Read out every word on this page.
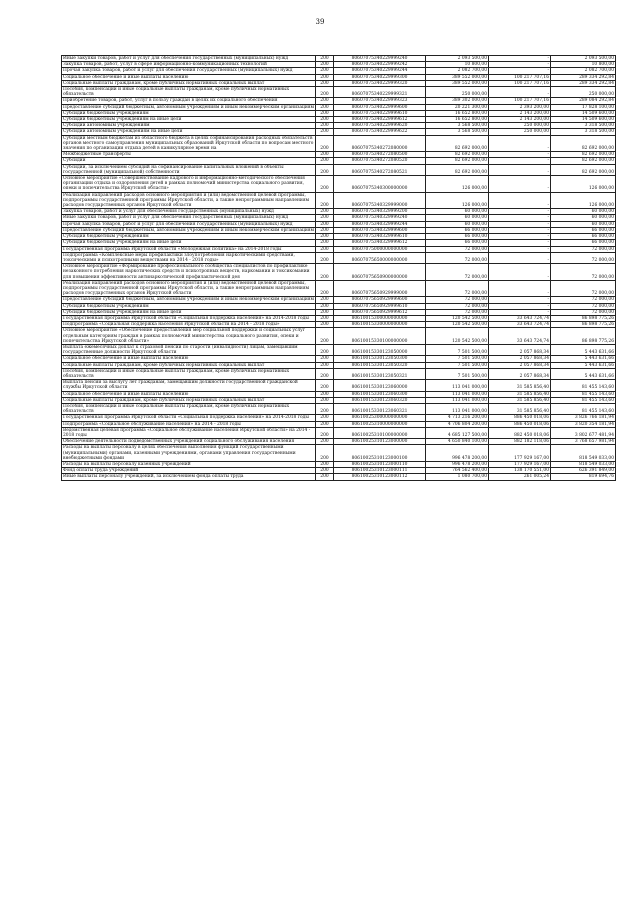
39
Иные закупки товаров, работ и услуг для обеспечения государственных (муниципальных) нужд	200	80607075340229999240	2 093 500,00	-	2 093 500,00
Закупка товаров, работ, услуг в сфере информационно-коммуникационных технологий	200	80607075340229999242	10 800,00	-	10 800,00
Прочая закупка товаров, работ и услуг для обеспечения государственных (муниципальных) нужд	200	80607075340229999244	2 082 700,00	-	2 082 700,00
Социальное обеспечение и иные выплаты населению	200	80607075340229999300	389 552 000,00	100 217 707,16	289 334 292,84
Социальные выплаты гражданам, кроме публичных нормативных социальных выплат	200	80607075340229999320	389 552 000,00	100 217 707,16	289 334 292,84
Пособия, компенсации и иные социальные выплаты гражданам, кроме публичных нормативных обязательств	200	80607075340229999321	250 000,00	-	250 000,00
Приобретение товаров, работ, услуг в пользу граждан в целях их социального обеспечения	200	80607075340229999323	389 302 000,00	100 217 707,16	289 084 292,84
Предоставление субсидий бюджетным, автономным учреждениям и иным некоммерческим организациям	200	80607075340229999600	20 221 300,00	2 393 200,00	17 828 100,00
Субсидии бюджетным учреждениям	200	80607075340229999610	16 652 800,00	2 143 200,00	14 509 600,00
Субсидии бюджетным учреждениям на иные цели	200	80607075340229999612	16 652 800,00	2 143 200,00	14 509 600,00
Субсидии автономным учреждениям	200	80607075340229999620	3 568 500,00	250 000,00	3 318 500,00
Субсидии автономным учреждениям на иные цели	200	80607075340229999622	3 568 500,00	250 000,00	3 318 500,00
Субсидии местным бюджетам из областного бюджета в целях софинансирования расходных обязательств органов местного самоуправления муниципальных образований Иркутской области по вопросам местного значения по организации отдыха детей в каникулярное время на	200	80607075340272080000	82 692 000,00	-	82 692 000,00
Межбюджетные трансферты	200	80607075340272080500	82 692 000,00	-	82 692 000,00
Субсидии	200	80607075340272080520	82 692 000,00	-	82 692 000,00
Субсидии, за исключением субсидий на софинансирование капитальных вложений в объекты государственной (муниципальной) собственности	200	80607075340272080521	82 692 000,00	-	82 692 000,00
Основное мероприятие «Совершенствование кадрового и информационно-методического обеспечения организации отдыха и оздоровления детей в рамках полномочий министерства социального развития, опеки и попечительства Иркутской области»	200	80607075340300000000	126 000,00	-	126 000,00
Реализация направлений расходов основного мероприятия и (или) ведомственной целевой программы, подпрограммы государственной программы Иркутской области, а также непрограммным направлениям расходов государственных органов Иркутской области	200	80607075340329999000	126 000,00	-	126 000,00
Закупка товаров, работ и услуг для обеспечения государственных (муниципальных) нужд	200	80607075340329999200	60 000,00	-	60 000,00
Иные закупки товаров, работ и услуг для обеспечения государственных (муниципальных) нужд	200	80607075340329999240	60 000,00	-	60 000,00
Прочая закупка товаров, работ и услуг для обеспечения государственных (муниципальных) нужд	200	80607075340329999244	60 000,00	-	60 000,00
Предоставление субсидий бюджетным, автономным учреждениям и иным некоммерческим организациям	200	80607075340329999600	66 000,00	-	66 000,00
Субсидии бюджетным учреждениям	200	80607075340329999610	66 000,00	-	66 000,00
Субсидии бюджетным учреждениям на иные цели	200	80607075340329999612	66 000,00	-	66 000,00
Государственная программа Иркутской области «Молодежная политика» на 2014-2018 годы	200	80607075000000000000	72 000,00	-	72 000,00
Подпрограмма «Комплексные меры профилактики злоупотребления наркотическими средствами, токсическими и психотропными веществами на 2014 - 2018 годы»	200	80607075650000000000	72 000,00	-	72 000,00
Основное мероприятие «Формирование профессионального сообщества специалистов по профилактике незаконного потребления наркотических средств и психотропных веществ, наркомании и токсикомании для повышения эффективности антинаркотической профилактической дея	200	80607075650900000000	72 000,00	-	72 000,00
Реализация направлений расходов основного мероприятия и (или) ведомственной целевой программы, подпрограммы государственной программы Иркутской области, а также непрограммным направлениям расходов государственных органов Иркутской области	200	80607075650929999000	72 000,00	-	72 000,00
Предоставление субсидий бюджетным, автономным учреждениям и иным некоммерческим организациям	200	80607075650929999600	72 000,00	-	72 000,00
Субсидии бюджетным учреждениям	200	80607075650929999610	72 000,00	-	72 000,00
Субсидии бюджетным учреждениям на иные цели	200	80607075650929999612	72 000,00	-	72 000,00
Государственная программа Иркутской области «Социальная поддержка населения» на 2014-2018 годы	200	80610015300000000000	120 542 500,00	33 643 724,74	86 898 775,26
Подпрограмма «Социальная поддержка населения Иркутской области на 2014 - 2018 годы»	200	80610015330000000000	120 542 500,00	33 643 724,74	86 898 775,26
Основное мероприятие «Обеспечение предоставления мер социальной поддержки и социальных услуг отдельным категориям граждан в рамках полномочий министерства социального развития, опеки и попечительства Иркутской области»	200	80610015330100000000	120 542 500,00	33 643 724,74	86 898 775,26
Выплата ежемесячных доплат к страховой пенсии по старости (инвалидности) лицам, замещавшим государственные должности Иркутской области	200	80610015330123050000	7 501 500,00	2 057 868,34	5 443 631,66
Социальное обеспечение и иные выплаты населению	200	80610015330123050300	7 501 500,00	2 057 868,34	5 443 631,66
Социальные выплаты гражданам, кроме публичных нормативных социальных выплат	200	80610015330123050320	7 501 500,00	2 057 868,34	5 443 631,66
Пособия, компенсации и иные социальные выплаты гражданам, кроме публичных нормативных обязательств	200	80610015330123050321	7 501 500,00	2 057 868,34	5 443 631,66
Выплата пенсии за выслугу лет гражданам, замещавшим должности государственной гражданской службы Иркутской области	200	80610015330123060000	113 041 000,00	31 585 856,40	81 455 143,60
Социальное обеспечение и иные выплаты населению	200	80610015330123060300	113 041 000,00	31 585 856,40	81 455 143,60
Социальные выплаты гражданам, кроме публичных нормативных социальных выплат	200	80610015330123060320	113 041 000,00	31 585 856,40	81 455 143,60
Пособия, компенсации и иные социальные выплаты гражданам, кроме публичных нормативных обязательств	200	80610015330123060321	113 041 000,00	31 585 856,40	81 455 143,60
Государственная программа Иркутской области «Социальная поддержка населения» на 2014-2018 годы	200	80610025300000000000	4 713 216 200,00	886 450 018,06	3 826 766 181,94
Подпрограмма «Социальное обслуживание населения» на 2014 - 2018 годы	200	80610025310000000000	4 706 804 200,00	886 450 018,06	3 820 354 181,94
Ведомственная целевая программа «Социальное обслуживание населения Иркутской области» на 2014 - 2018 годы	200	80610025310100000000	4 685 127 500,00	882 450 018,06	3 802 677 481,94
Обеспечение деятельности подведомственных учреждений социального обслуживания населения	200	80610025310123000000	4 650 840 100,00	882 182 118,06	3 768 657 981,94
Расходы на выплаты персоналу в целях обеспечения выполнения функций государственными (муниципальными) органами, казенными учреждениями, органами управления государственными внебюджетными фондами	200	80610025310123000100	996 478 200,00	177 929 167,00	818 549 033,00
Расходы на выплаты персоналу казенных учреждений	200	80610025310123000110	996 478 200,00	177 929 167,00	818 549 033,00
Фонд оплаты труда учреждений	200	80610025310123000111	764 562 400,00	138 170 551,00	626 391 849,00
Иные выплаты персоналу учреждений, за исключением фонда оплаты труда	200	80610025310123000112	1 080 700,00	261 005,24	819 694,76
